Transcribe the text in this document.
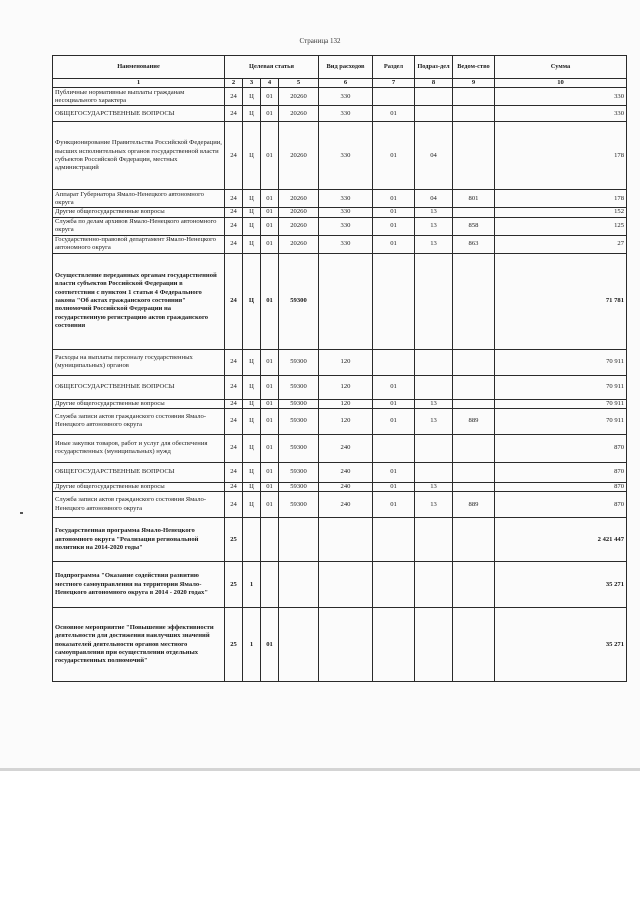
Страница 132
Наименование	Целевая статья				Вид расходов	Раздел	Подраз-дел	Ведом-ство	Сумма
1	2	3	4	5	6	7	8	9	10
Публичные нормативные выплаты гражданам несоциального характера	24	Ц	01	20260	330				330
ОБЩЕГОСУДАРСТВЕННЫЕ ВОПРОСЫ	24	Ц	01	20260	330	01			330
Функционирование Правительства Российской Федерации, высших исполнительных органов государственной власти субъектов Российской Федерации, местных администраций	24	Ц	01	20260	330	01	04		178
Аппарат Губернатора Ямало-Ненецкого автономного округа	24	Ц	01	20260	330	01	04	801	178
Другие общегосударственные вопросы	24	Ц	01	20260	330	01	13		152
Служба по делам архивов Ямало-Ненецкого автономного округа	24	Ц	01	20260	330	01	13	858	125
Государственно-правовой департамент Ямало-Ненецкого автономного округа	24	Ц	01	20260	330	01	13	863	27
Осуществление переданных органам государственной власти субъектов Российской Федерации в соответствии с пунктом 1 статьи 4 Федерального закона "Об актах гражданского состояния" полномочий Российской Федерации на государственную регистрацию актов гражданского состояния	24	Ц	01	59300					71 781
Расходы на выплаты персоналу государственных (муниципальных) органов	24	Ц	01	59300	120				70 911
ОБЩЕГОСУДАРСТВЕННЫЕ ВОПРОСЫ	24	Ц	01	59300	120	01			70 911
Другие общегосударственные вопросы	24	Ц	01	59300	120	01	13		70 911
Служба записи актов гражданского состояния Ямало-Ненецкого автономного округа	24	Ц	01	59300	120	01	13	889	70 911
Иные закупки товаров, работ и услуг для обеспечения государственных (муниципальных) нужд	24	Ц	01	59300	240				870
ОБЩЕГОСУДАРСТВЕННЫЕ ВОПРОСЫ	24	Ц	01	59300	240	01			870
Другие общегосударственные вопросы	24	Ц	01	59300	240	01	13		870
Служба записи актов гражданского состояния Ямало-Ненецкого автономного округа	24	Ц	01	59300	240	01	13	889	870
Государственная программа Ямало-Ненецкого автономного округа "Реализация региональной политики на 2014-2020 годы"	25								2 421 447
Подпрограмма "Оказание содействия развитию местного самоуправления на территории Ямало-Ненецкого автономного округа в 2014 - 2020 годах"	25	1							35 271
Основное мероприятие "Повышение эффективности деятельности для достижения наилучших значений показателей деятельности органов местного самоуправления при осуществлении отдельных государственных полномочий"	25	1	01						35 271
